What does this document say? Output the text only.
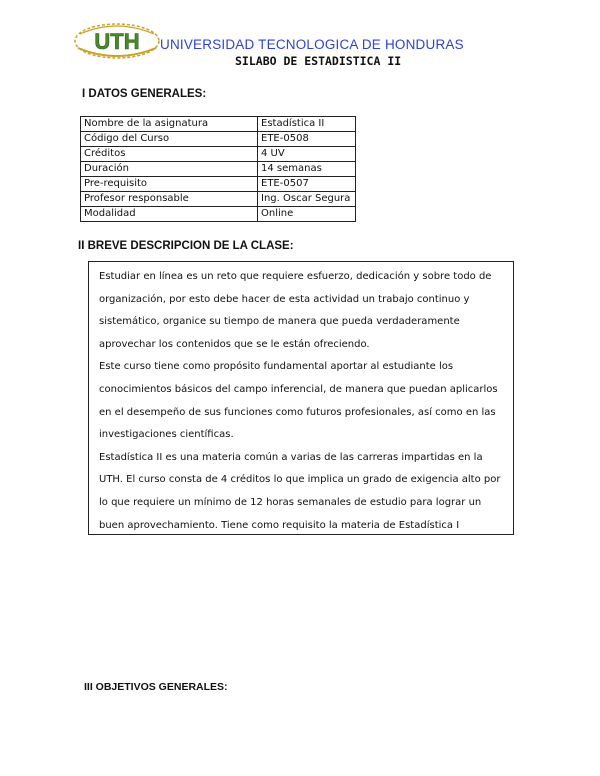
UTH UNIVERSIDAD TECNOLOGICA DE HONDURAS
SILABO DE ESTADISTICA II
I DATOS GENERALES:
Nombre de la asignatura	Estadística II
Código del Curso	ETE-0508
Créditos	4 UV
Duración	14 semanas
Pre-requisito	ETE-0507
Profesor responsable	Ing. Oscar Segura
Modalidad	Online
II BREVE DESCRIPCION DE LA CLASE:

Estudiar en línea es un reto que requiere esfuerzo, dedicación y sobre todo de organización, por esto debe hacer de esta actividad un trabajo continuo y sistemático, organice su tiempo de manera que pueda verdaderamente aprovechar los contenidos que se le están ofreciendo.

Este curso tiene como propósito fundamental aportar al estudiante los conocimientos básicos del campo inferencial, de manera que puedan aplicarlos en el desempeño de sus funciones como futuros profesionales, así como en las investigaciones científicas.

Estadística II es una materia común a varias de las carreras impartidas en la UTH. El curso consta de 4 créditos lo que implica un grado de exigencia alto por lo que requiere un mínimo de 12 horas semanales de estudio para lograr un buen aprovechamiento. Tiene como requisito la materia de Estadística I

III OBJETIVOS GENERALES:
